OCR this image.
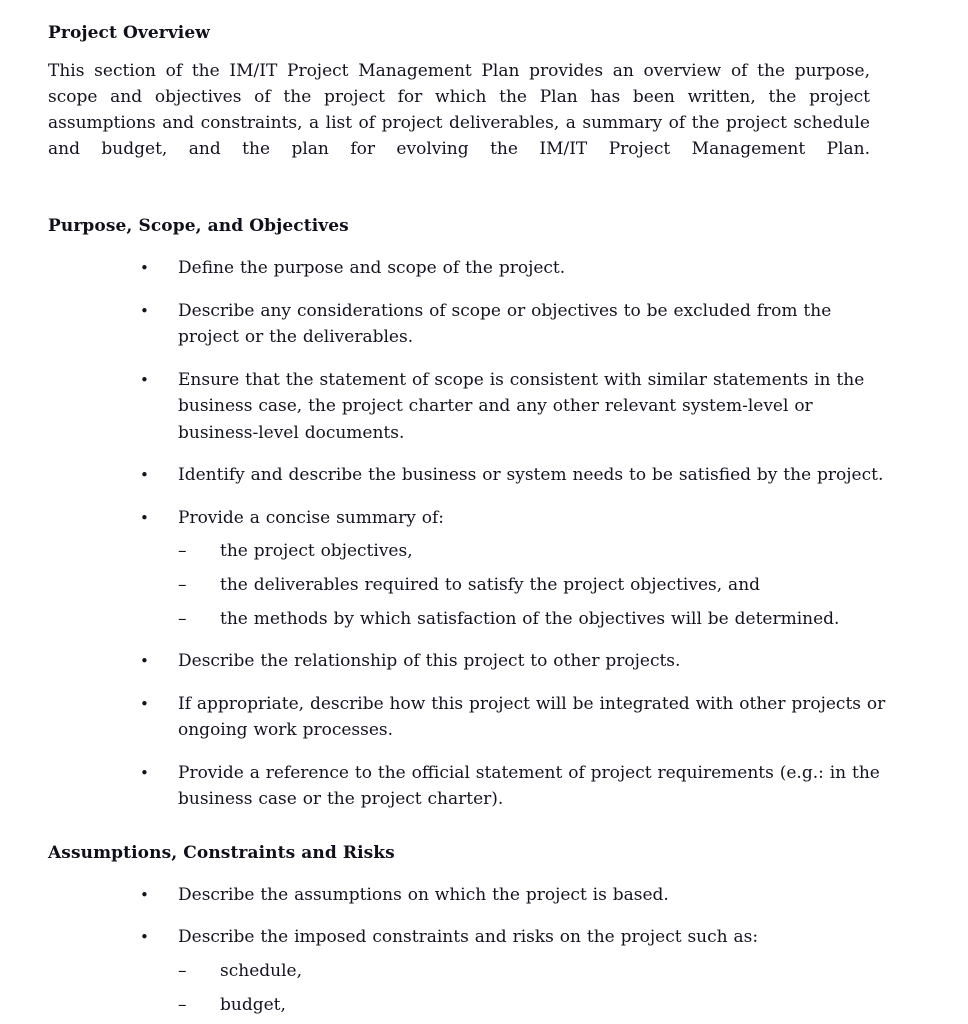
Project Overview

This section of the IM/IT Project Management Plan provides an overview of the purpose, scope and objectives of the project for which the Plan has been written, the project assumptions and constraints, a list of project deliverables, a summary of the project schedule and budget, and the plan for evolving the IM/IT Project Management Plan.

Purpose, Scope, and Objectives
•	Define the purpose and scope of the project.
•	Describe any considerations of scope or objectives to be excluded from the project or the deliverables.
•	Ensure that the statement of scope is consistent with similar statements in the business case, the project charter and any other relevant system-level or business-level documents.
•	Identify and describe the business or system needs to be satisfied by the project.
•	Provide a concise summary of:
–	the project objectives,
–	the deliverables required to satisfy the project objectives, and
–	the methods by which satisfaction of the objectives will be determined.
•	Describe the relationship of this project to other projects.
•	If appropriate, describe how this project will be integrated with other projects or ongoing work processes.
•	Provide a reference to the official statement of project requirements (e.g.: in the business case or the project charter).
Assumptions, Constraints and Risks
•	Describe the assumptions on which the project is based.
•	Describe the imposed constraints and risks on the project such as:
–	schedule,
–	budget,
